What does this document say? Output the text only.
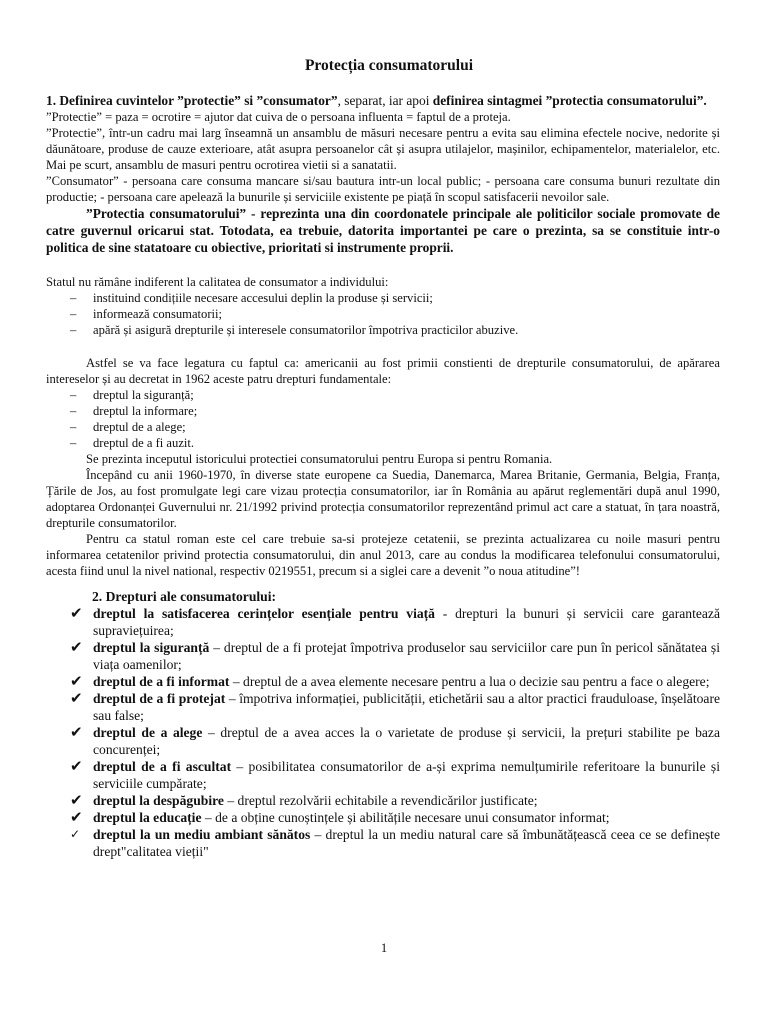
Protecția consumatorului

1. Definirea cuvintelor ”protectie” si ”consumator”, separat, iar apoi definirea sintagmei ”protectia consumatorului”.

”Protectie” = paza = ocrotire = ajutor dat cuiva de o persoana influenta = faptul de a proteja.

”Protectie”, într-un cadru mai larg înseamnă un ansamblu de măsuri necesare pentru a evita sau elimina efectele nocive, nedorite și dăunătoare, produse de cauze exterioare, atât asupra persoanelor cât și asupra utilajelor, mașinilor, echipamentelor, materialelor, etc. Mai pe scurt, ansamblu de masuri pentru ocrotirea vietii si a sanatatii.

”Consumator” - persoana care consuma mancare si/sau bautura intr-un local public; - persoana care consuma bunuri rezultate din productie; - persoana care apelează la bunurile și serviciile existente pe piață în scopul satisfacerii nevoilor sale.

”Protectia consumatorului” - reprezinta una din coordonatele principale ale politicilor sociale promovate de catre guvernul oricarui stat. Totodata, ea trebuie, datorita importantei pe care o prezinta, sa se constituie intr-o politica de sine statatoare cu obiective, prioritati si instrumente proprii.

Statul nu rămâne indiferent la calitatea de consumator a individului:

– instituind condițiile necesare accesului deplin la produse și servicii;
– informează consumatorii;
– apără și asigură drepturile și interesele consumatorilor împotriva practicilor abuzive.

Astfel se va face legatura cu faptul ca: americanii au fost primii constienti de drepturile consumatorului, de apărarea intereselor și au decretat in 1962 aceste patru drepturi fundamentale:

– dreptul la siguranță;
– dreptul la informare;
– dreptul de a alege;
– dreptul de a fi auzit.

Se prezinta inceputul istoricului protectiei consumatorului pentru Europa si pentru Romania.

Începând cu anii 1960-1970, în diverse state europene ca Suedia, Danemarca, Marea Britanie, Germania, Belgia, Franța, Țările de Jos, au fost promulgate legi care vizau protecția consumatorilor, iar în România au apărut reglementări după anul 1990, adoptarea Ordonanței Guvernului nr. 21/1992 privind protecția consumatorilor reprezentând primul act care a statuat, în țara noastră, drepturile consumatorilor.

Pentru ca statul roman este cel care trebuie sa-si protejeze cetatenii, se prezinta actualizarea cu noile masuri pentru informarea cetatenilor privind protectia consumatorului, din anul 2013, care au condus la modificarea telefonului consumatorului, acesta fiind unul la nivel national, respectiv 0219551, precum si a siglei care a devenit ”o noua atitudine”!

2. Drepturi ale consumatorului:
✔ dreptul la satisfacerea cerințelor esențiale pentru viață - drepturi la bunuri și servicii care garantează supraviețuirea;
✔ dreptul la siguranță – dreptul de a fi protejat împotriva produselor sau serviciilor care pun în pericol sănătatea și viața oamenilor;
✔ dreptul de a fi informat – dreptul de a avea elemente necesare pentru a lua o decizie sau pentru a face o alegere;
✔ dreptul de a fi protejat – împotriva informației, publicității, etichetării sau a altor practici frauduloase, înșelătoare sau false;
✔ dreptul de a alege – dreptul de a avea acces la o varietate de produse și servicii, la prețuri stabilite pe baza concurenței;
✔ dreptul de a fi ascultat – posibilitatea consumatorilor de a-și exprima nemulțumirile referitoare la bunurile și serviciile cumpărate;
✔ dreptul la despăgubire – dreptul rezolvării echitabile a revendicărilor justificate;
✔ dreptul la educație – de a obține cunoștințele și abilitățile necesare unui consumator informat;
✓ dreptul la un mediu ambiant sănătos – dreptul la un mediu natural care să îmbunătățească ceea ce se definește drept"calitatea vieții"
1
